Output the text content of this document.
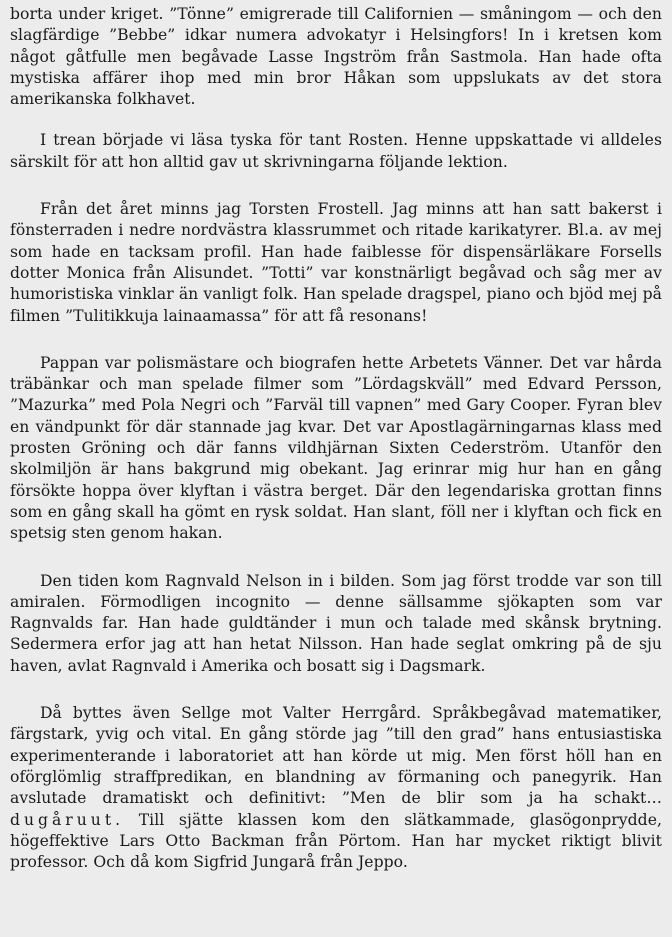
borta under kriget. ”Tönne” emigrerade till Californien — småningom — och den slagfärdige ”Bebbe” idkar numera advokatyr i Helsingfors! In i kretsen kom något gåtfulle men begåvade Lasse Ingström från Sastmola. Han hade ofta mystiska affärer ihop med min bror Håkan som uppslukats av det stora amerikanska folkhavet.

I trean började vi läsa tyska för tant Rosten. Henne uppskattade vi alldeles särskilt för att hon alltid gav ut skrivningarna följande lektion.

Från det året minns jag Torsten Frostell. Jag minns att han satt bakerst i fönsterraden i nedre nordvästra klassrummet och ritade karikatyrer. Bl.a. av mej som hade en tacksam profil. Han hade faiblesse för dispensärläkare Forsells dotter Monica från Alisundet. ”Totti” var konstnärligt begåvad och såg mer av humoristiska vinklar än vanligt folk. Han spelade dragspel, piano och bjöd mej på filmen ”Tulitikkuja lainaamassa” för att få resonans!

Pappan var polismästare och biografen hette Arbetets Vänner. Det var hårda träbänkar och man spelade filmer som ”Lördagskväll” med Edvard Persson, ”Mazurka” med Pola Negri och ”Farväl till vapnen” med Gary Cooper. Fyran blev en vändpunkt för där stannade jag kvar. Det var Apostlagärningarnas klass med prosten Gröning och där fanns vildhjärnan Sixten Cederström. Utanför den skolmiljön är hans bakgrund mig obekant. Jag erinrar mig hur han en gång försökte hoppa över klyftan i västra berget. Där den legendariska grottan finns som en gång skall ha gömt en rysk soldat. Han slant, föll ner i klyftan och fick en spetsig sten genom hakan.

Den tiden kom Ragnvald Nelson in i bilden. Som jag först trodde var son till amiralen. Förmodligen incognito — denne sällsamme sjökapten som var Ragnvalds far. Han hade guldtänder i mun och talade med skånsk brytning. Sedermera erfor jag att han hetat Nilsson. Han hade seglat omkring på de sju haven, avlat Ragnvald i Amerika och bosatt sig i Dagsmark.

Då byttes även Sellge mot Valter Herrgård. Språkbegåvad matematiker, färgstark, yvig och vital. En gång störde jag ”till den grad” hans entusiastiska experimenterande i laboratoriet att han körde ut mig. Men först höll han en oförglömlig straffpredikan, en blandning av förmaning och panegyrik. Han avslutade dramatiskt och definitivt: ”Men de blir som ja ha schakt… dugåruut. Till sjätte klassen kom den slätkammade, glasögonprydde, högeffektive Lars Otto Backman från Pörtom. Han har mycket riktigt blivit professor. Och då kom Sigfrid Jungarå från Jeppo.
